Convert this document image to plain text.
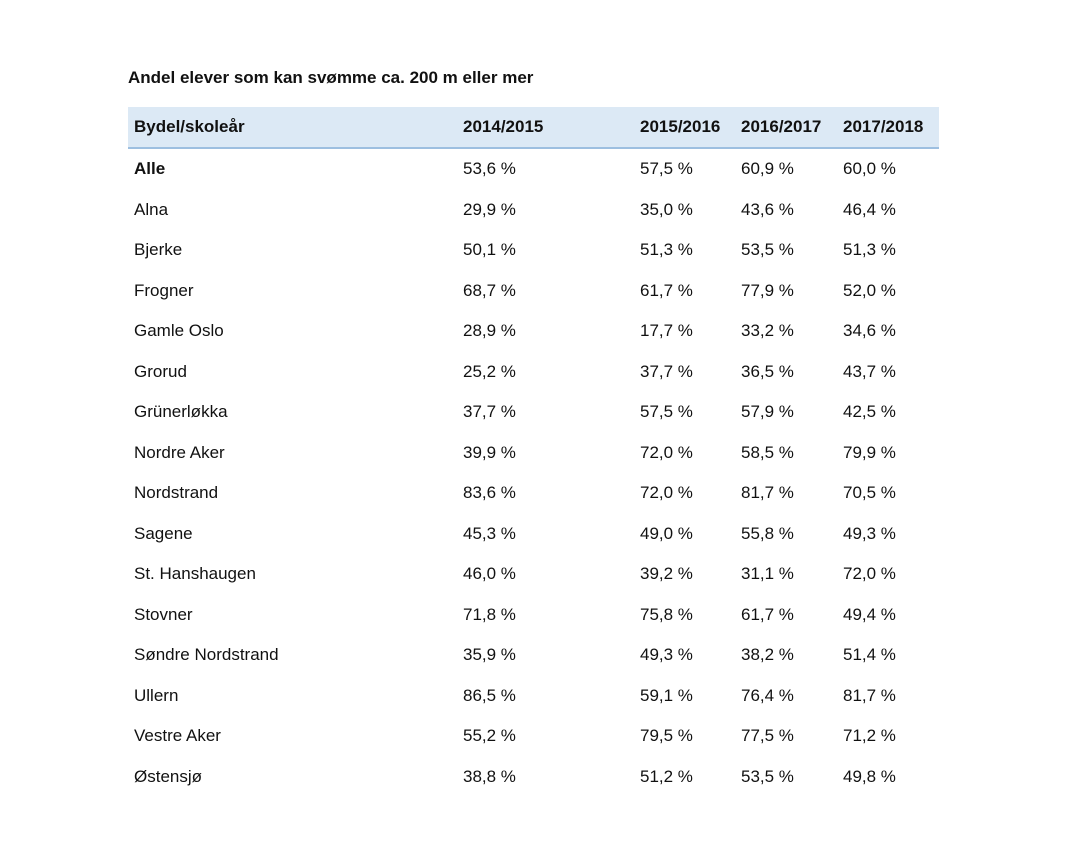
Andel elever som kan svømme ca. 200 m eller mer
Bydel/skoleår	2014/2015	2015/2016 2016/2017 2017/2018
Alle	53,6 %	57,5 %	60,9 %	60,0 %
Alna	29,9 %	35,0 %	43,6 %	46,4 %
Bjerke	50,1 %	51,3 %	53,5 %	51,3 %
Frogner	68,7 %	61,7 %	77,9 %	52,0 %
Gamle Oslo	28,9 %	17,7 %	33,2 %	34,6 %
Grorud	25,2 %	37,7 %	36,5 %	43,7 %
Grünerløkka	37,7 %	57,5 %	57,9 %	42,5 %
Nordre Aker	39,9 %	72,0 %	58,5 %	79,9 %
Nordstrand	83,6 %	72,0 %	81,7 %	70,5 %
Sagene	45,3 %	49,0 %	55,8 %	49,3 %
St. Hanshaugen	46,0 %	39,2 %	31,1 %	72,0 %
Stovner	71,8 %	75,8 %	61,7 %	49,4 %
Søndre Nordstrand	35,9 %	49,3 %	38,2 %	51,4 %
Ullern	86,5 %	59,1 %	76,4 %	81,7 %
Vestre Aker	55,2 %	79,5 %	77,5 %	71,2 %
Østensjø	38,8 %	51,2 %	53,5 %	49,8 %
